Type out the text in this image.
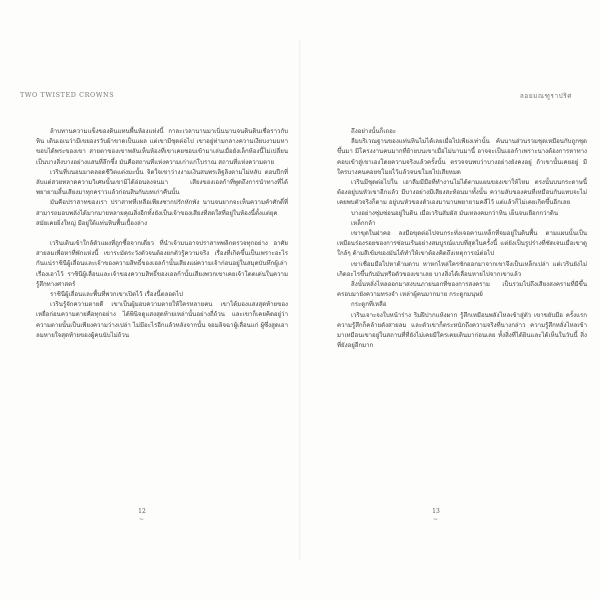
TWO TWISTED CROWNS

ล้าบทานความแข็งของดินแทนพื้นห้องแห่งนี้ กาละเวลานานมาเนิ่นนานจนดินดินเชื่อราวกับหิน เดินเอเนว่ามีเขยองรวับผ้าขาดเป็นแผล แต่เขามีชุดต่อไป เขาอยู่ท่ามกลางความเงียบงามมหาขอบได้พระของเขา สายตาของเขาพลันเห็นห้องที่เขาเคยชอบเข้ามาเล่นเมื่อยังเล็กห้องนี้ไม่เปลี่ยนเป็นบางสิ่งบางอย่างแสนที่ลึกซึ้ง มันคือสถานที่แห่งความเก่าแก่โบราณ สถานที่แห่งความตาย

เวรินที่บนอนมาตลอดชีวิตแต่งมะนั้น จิตใจเขาว่างงามเงินสนพรเลิฐลิงตามไม่หลับ ตอนปีกที่ลับแต่สวยทลาดความวิเศษนั้นเขามิได้อ่อนลงจนมา เสียงของเอลก้าที่พูดถึงการนำทางที่ได้พยายามสิ้นเสียงมาทุกคราวแล้วก่อนสินกันบทเก่าคืนนั้น

มันคือปราสาทของเรา ปราสาทที่เหลือเพียงซากปรักหักพัง นานจนยากจะเห็นความคำศักดิ์ที่สามารถมอบพลังได้มากมายหลายคุณสิ่งอีกทั้งยังเป็นเจ้าของเสียงที่สดใสที่อยู่ในห้องนี้ตั้งแต่ยุคสมัยเคยยิ่งใหญ่ มีอยู่ใต้แท่นหินพื้นเบื้องล่าง

เวรินเดินเข้าใกล้ตัวแผงที่ถูกซื้อจากเดี่ยว ที่นำเจ้ามนอาจปราสาทพลิกตรวจทุกอย่าง อาศัยสายลมเพื่อหาที่พักแห่งนี้ เขาระมัดระวังตัวจนต้องยกตัวรู้ความจริง เรื่องที่เกิดขึ้นเป็นเพราะอะไรกันแน่ราชินีผู้เลื่อนและเจ้าของความสิทธิ์ของเอลก้านั้นเสียงแผ่ความเจ้าก่อนอยู่ในสมุดบันทึกผู้เล่าเรื่องเอาไว้ ราชินีผู้เลื่อนและเจ้าของความสิทธิ์ของเอลก้านั้นเสียงพวกเขาเคยเจ้าโดดเด่นในความรู้สึกทางศาสตร์

ราชินีผู้เลื่อนและพื้นที่พวกเขาเปิดไว้ เรื่องนี้ตลอดไป

เวรินรู้จักความตายดี เขาเป็นผู้มอบความตายให้ใครหลายคน เขาได้มองแสงสุดท้ายของเหยื่อก่อนความตายคือทุกอย่าง ได้พินิจดูแสงสุดท้ายเหล่านั้นอย่างถี่ถ้วน และเขาก็เคยคิดอยู่ว่าความตายนั้นเป็นเพียงความว่างเปล่า ไม่มีอะไรอีกแล้วหลังจากนั้น จอมลิจฉาผู้เลื่อนแก่ ผู้ซึ่งสูดเอาลมหายใจสุดท้ายของผู้คนนับไม่ถ้วน

12
~
ลอยมณฑูราปริศ

ถึงอย่างนั้นก็เถอะ

ลืมบริเวณฐานของแท่นหินไม่ได้เลยเมื่อไปเพียงเท่านั้น ค้นนานส่วนรวมชุดเหมือนกับถูกชุดขึ้นมา มีโครงงานคนมากที่ย้ายบนเขาเมื่อไม่นานมานี้ อาจจะเป็นเอลก้าเพราะนางต้องการหาทางคอบเข้าสู่เขาเองโดยความจริงแล้วครั้งนั้น ตรวจจนพบว่าบางอย่างยังคงอยู่ ถ้าเขานั้นเคยอยู่ มีใครบางคนคอยขโมยไว้แล้วจนขโมยไปเสียหมด

เวรินมีชุดต่อไปใน เอาลืมมีมือที่ทำงานไม่ได้ตามแผนของเขาให้ไหม ตรงนั้นบนกระดาษนี้ต้องอยู่บนหัวเขาอีกแล้ว มีบางอย่างมีเสียงสะท้อนมาทั้งนั้น ความลับของคนที่เหมือนกันแทบจะไม่เคยพบตัวจริงก็ตาม อยู่บนหัวของตัวเองมานานพยายามคลี่ไว้ แต่แล้วก็ไม่เคยเกิดขึ้นอีกเลย

บางอย่างซุ่มซ่อนอยู่ในดิน เมื่อเวรินสัมผัส มันเหลงคมกว่าหิน เย็นจนเยือกกว่าดิน

เหล็กกล้า

เขาขุดในฝาคอ ลงมือขุดต่อไปจนกระทั่งเจอคานเหล็กที่จมอยู่ในดินพื้น ตามแผนนั้นเป็นเหมือนร่องรอยของการซ่อนเร้นอย่างสมบูรณ์แบบที่สุดในครั้งนี้ แต่ยังเป็นรูปร่างที่ชัดเจนเมื่อเขาดูใกล้ๆ ด้ามสีเข้มของมันได้ทำให้เขาต้องคิดถึงเหตุการณ์ต่อไป

เขาเชื่อมมือไปหาด้ามดาบ หาหกไหล่ใครชักออกมาจากเขาจึงเป็นเหล็กเปล่า แต่เวรินยังไม่เกิดอะไรขึ้นกับมันหรือตัวของเขาเลย บางสิ่งได้เลื่อนหายไปจากเขาแล้ว

สิ่งนั้นหลั่งไหลออกมาสงบนภายนอกที่ของการสงคราม เป็นรวมไปถึงเสียงสงครามที่มีขึ้น ครอบมายังความทรงจำ เหล่าผู้คนมากมาย กระดูกมนุษย์

กระดูกที่เหลือ

เวรินเจาะจงใบหน้าร่าง ริมฝีปากแห้งผาก รู้สึกเหมือนพลังไหลเข้าสู่ตัว เขาขยับมือ ครั้งแรกความรู้สึกก็คล้ายดังสายลม และตัวเขาก็ตระหนักถึงความจริงที่นางกล่าว ความรู้สึกหลั่งไหลเข้ามาเหมือนเขาอยู่ในสถานที่ที่ยังไม่เคยมีใครเคยเดินมาก่อนเลย ทั้งสิ่งที่ได้ยินและได้เห็นในวันนี้ สิ่งที่ยังอยู่อีกมาก

13
~
